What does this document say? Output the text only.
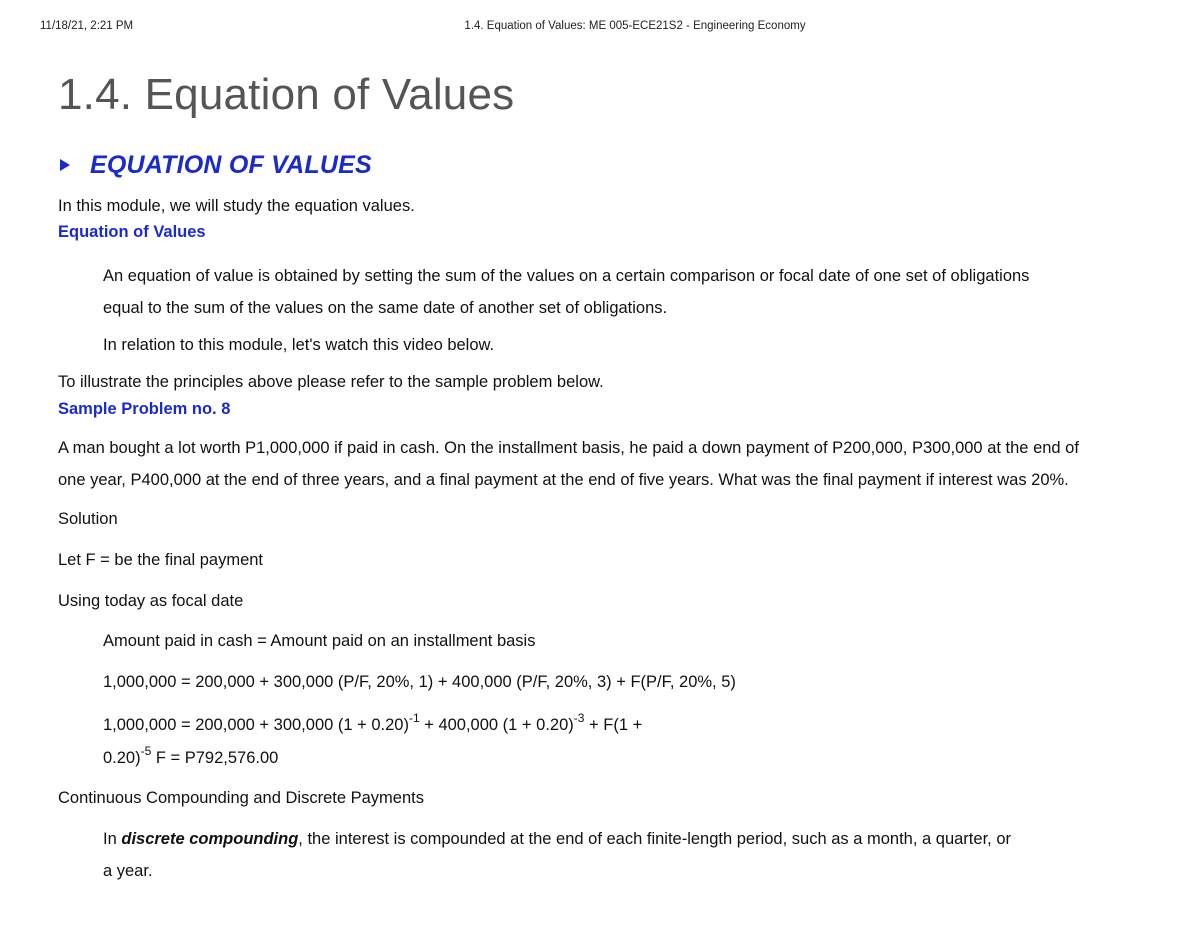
11/18/21, 2:21 PM	1.4. Equation of Values: ME 005-ECE21S2 - Engineering Economy
1.4. Equation of Values
EQUATION OF VALUES

In this module, we will study the equation values.

Equation of Values

An equation of value is obtained by setting the sum of the values on a certain comparison or focal date of one set of obligations

equal to the sum of the values on the same date of another set of obligations.

In relation to this module, let's watch this video below.

To illustrate the principles above please refer to the sample problem below.

Sample Problem no. 8

A man bought a lot worth P1,000,000 if paid in cash. On the installment basis, he paid a down payment of P200,000, P300,000 at the end of

one year, P400,000 at the end of three years, and a final payment at the end of five years. What was the final payment if interest was 20%.

Solution

Let F = be the final payment

Using today as focal date

Amount paid in cash = Amount paid on an installment basis

1,000,000 = 200,000 + 300,000 (P/F, 20%, 1) + 400,000 (P/F, 20%, 3) + F(P/F, 20%, 5)

1,000,000 = 200,000 + 300,000 $(1 + 0.20)^{-1} + 400,000$ $(1 + 0.20)^{-3} + F(1$ +

0.20)$^{-5}$ F = P792,576.00

Continuous Compounding and Discrete Payments

In discrete compounding, the interest is compounded at the end of each finite-length period, such as a month, a quarter, or

a year.
